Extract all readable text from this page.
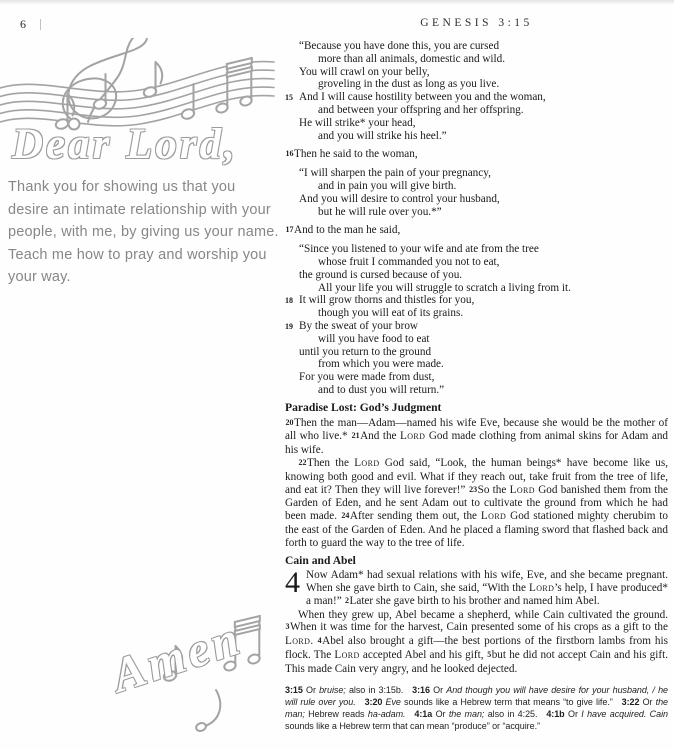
6	GENESIS 3:15
Dear Lord,
Thank you for showing us that you
desire an intimate relationship with your
people, with me, by giving us your name.
Teach me how to pray and worship you
your way.
Amen
“Because you have done this, you are cursed
more than all animals, domestic and wild.
You will crawl on your belly,
groveling in the dust as long as you live.
15 And I will cause hostility between you and the woman,
and between your offspring and her offspring.
He will strike* your head,
and you will strike his heel.”

16Then he said to the woman,

“I will sharpen the pain of your pregnancy,
and in pain you will give birth.
And you will desire to control your husband,
but he will rule over you.*”

17And to the man he said,

“Since you listened to your wife and ate from the tree
whose fruit I commanded you not to eat,
the ground is cursed because of you.
All your life you will struggle to scratch a living from it.
18 It will grow thorns and thistles for you,
though you will eat of its grains.
19 By the sweat of your brow
will you have food to eat
until you return to the ground
from which you were made.
For you were made from dust,
and to dust you will return.”
Paradise Lost: God’s Judgment

20Then the man—Adam—named his wife Eve, because she would be the mother of all who live.* 21And the Lord God made clothing from animal skins for Adam and his wife.

22Then the Lord God said, “Look, the human beings* have become like us, knowing both good and evil. What if they reach out, take fruit from the tree of life, and eat it? Then they will live forever!” 23So the Lord God banished them from the Garden of Eden, and he sent Adam out to cultivate the ground from which he had been made. 24After sending them out, the Lord God stationed mighty cherubim to the east of the Garden of Eden. And he placed a flaming sword that flashed back and forth to guard the way to the tree of life.

Cain and Abel

4 Now Adam* had sexual relations with his wife, Eve, and she became pregnant. When she gave birth to Cain, she said, “With the Lord’s help, I have produced* a man!” 2Later she gave birth to his brother and named him Abel.

When they grew up, Abel became a shepherd, while Cain cultivated the ground. 3When it was time for the harvest, Cain presented some of his crops as a gift to the Lord. 4Abel also brought a gift—the best portions of the firstborn lambs from his flock. The Lord accepted Abel and his gift, 5but he did not accept Cain and his gift. This made Cain very angry, and he looked dejected.

3:15 Or bruise; also in 3:15b.  3:16 Or And though you will have desire for your husband, / he will rule over you.   3:20 Eve sounds like a Hebrew term that means “to give life.”  3:22 Or the man; Hebrew reads ha-adam.   4:1a Or the man; also in 4:25.  4:1b Or I have acquired. Cain sounds like a Hebrew term that can mean “produce” or “acquire.”
